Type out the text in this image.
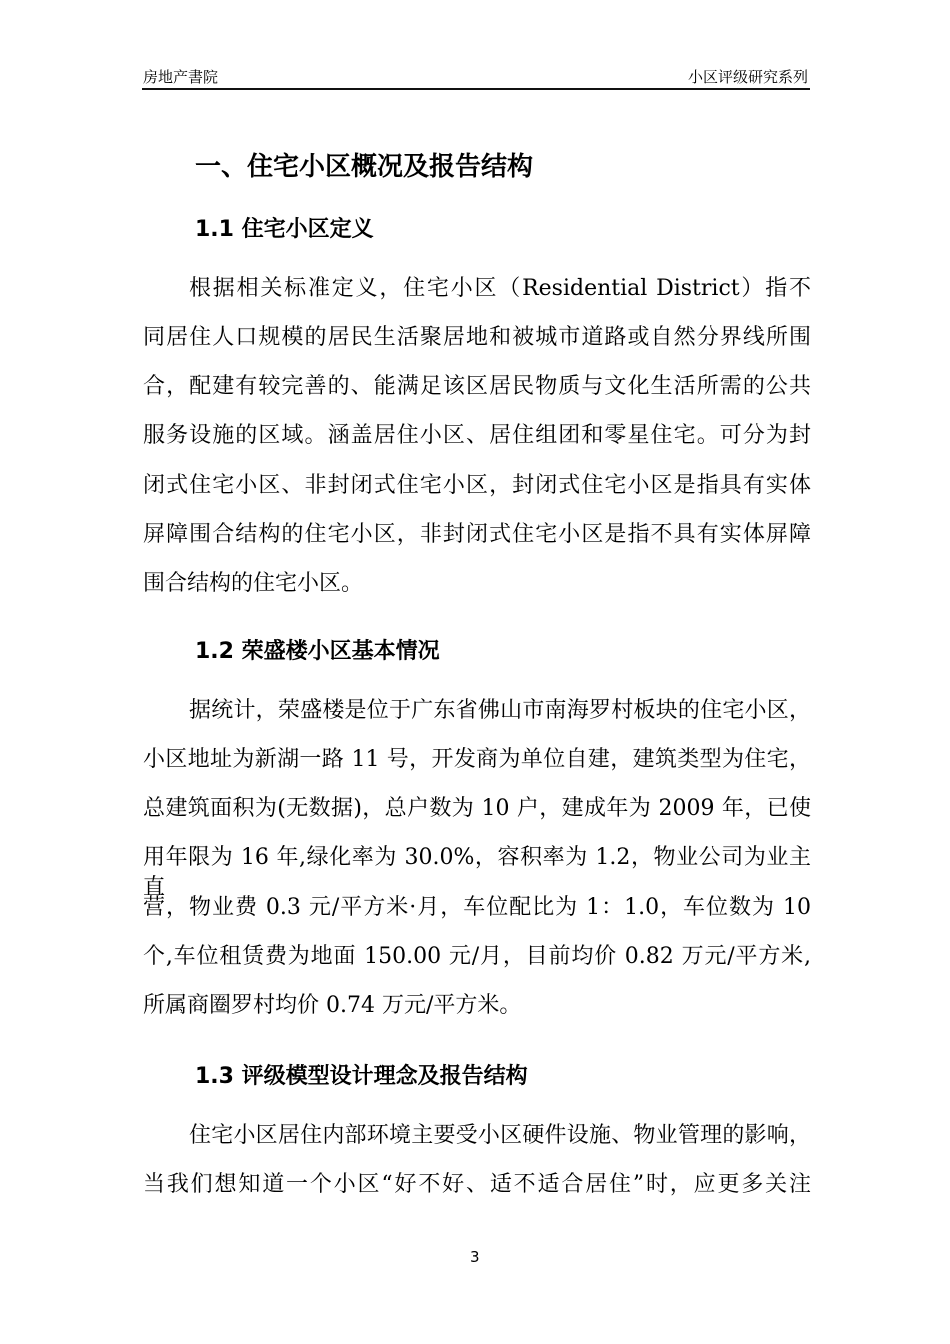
房地产書院	小区评级研究系列
一、住宅小区概况及报告结构
1.1 住宅小区定义
根据相关标准定义，住宅小区（Residential District）指不
同居住人口规模的居民生活聚居地和被城市道路或自然分界线所围
合，配建有较完善的、能满足该区居民物质与文化生活所需的公共
服务设施的区域。涵盖居住小区、居住组团和零星住宅。可分为封
闭式住宅小区、非封闭式住宅小区，封闭式住宅小区是指具有实体
屏障围合结构的住宅小区，非封闭式住宅小区是指不具有实体屏障
围合结构的住宅小区。
1.2 荣盛楼小区基本情况
据统计，荣盛楼是位于广东省佛山市南海罗村板块的住宅小区，
小区地址为新湖一路 11 号，开发商为单位自建，建筑类型为住宅，
总建筑面积为(无数据)，总户数为 10 户，建成年为 2009 年，已使
用年限为 16 年,绿化率为 30.0%，容积率为 1.2，物业公司为业主直
营，物业费 0.3 元/平方米·月，车位配比为 1：1.0，车位数为 10
个,车位租赁费为地面 150.00 元/月，目前均价 0.82 万元/平方米,
所属商圈罗村均价 0.74 万元/平方米。
1.3 评级模型设计理念及报告结构
住宅小区居住内部环境主要受小区硬件设施、物业管理的影响，
当我们想知道一个小区“好不好、适不适合居住”时，应更多关注
3
